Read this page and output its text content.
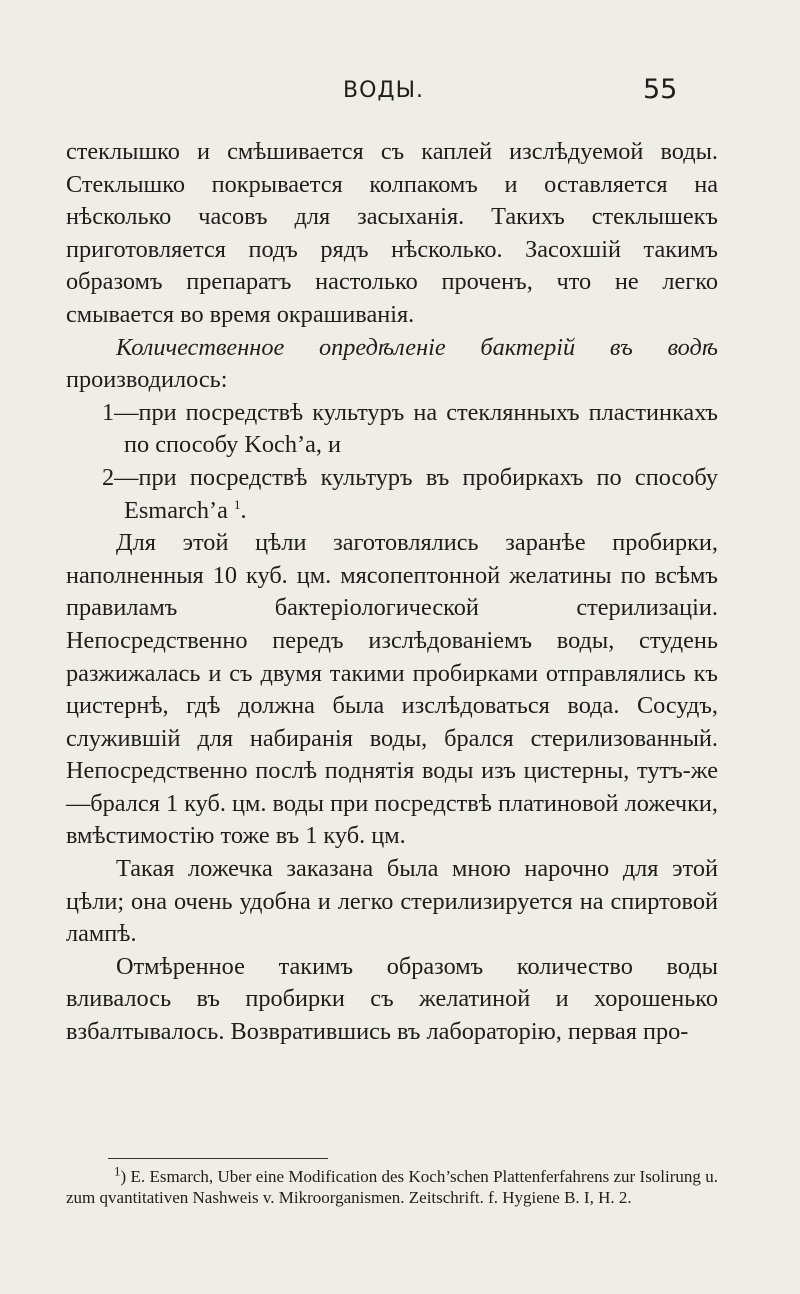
ВОДЫ.	55

стеклышко и смѣшивается съ каплей изслѣдуемой воды. Стеклышко покрывается колпакомъ и оставляется на нѣсколько часовъ для засыханія. Такихъ стеклышекъ приготовляется подъ рядъ нѣсколько. Засохшій такимъ образомъ препаратъ настолько проченъ, что не легко смывается во время окрашиванія.

Количественное опредѣленіе бактерій въ водѣ производилось:

1—при посредствѣ культуръ на стеклянныхъ пластинкахъ по способу Koch’a, и

2—при посредствѣ культуръ въ пробиркахъ по способу Esmarch’a $^1$.

Для этой цѣли заготовлялись заранѣе пробирки, наполненныя 10 куб. цм. мясопептонной желатины по всѣмъ правиламъ бактеріологической стерилизаціи. Непосредственно передъ изслѣдованіемъ воды, студень разжижалась и съ двумя такими пробирками отправлялись къ цистернѣ, гдѣ должна была изслѣдоваться вода. Сосудъ, служившій для набиранія воды, брался стерилизованный. Непосредственно послѣ поднятія воды изъ цистерны, тутъ-же—брался 1 куб. цм. воды при посредствѣ платиновой ложечки, вмѣстимостію тоже въ 1 куб. цм.

Такая ложечка заказана была мною нарочно для этой цѣли; она очень удобна и легко стерилизируется на спиртовой лампѣ.

Отмѣренное такимъ образомъ количество воды вливалось въ пробирки съ желатиной и хорошенько взбалтывалось. Возвратившись въ лабораторію, первая про-

$^1$) E. Esmarch, Uber eine Modification des Koch’schen Plattenferfahrens zur Isolirung u. zum qvantitativen Nashweis v. Mikroorganismen. Zeitschrift. f. Hygiene B. I, H. 2.
